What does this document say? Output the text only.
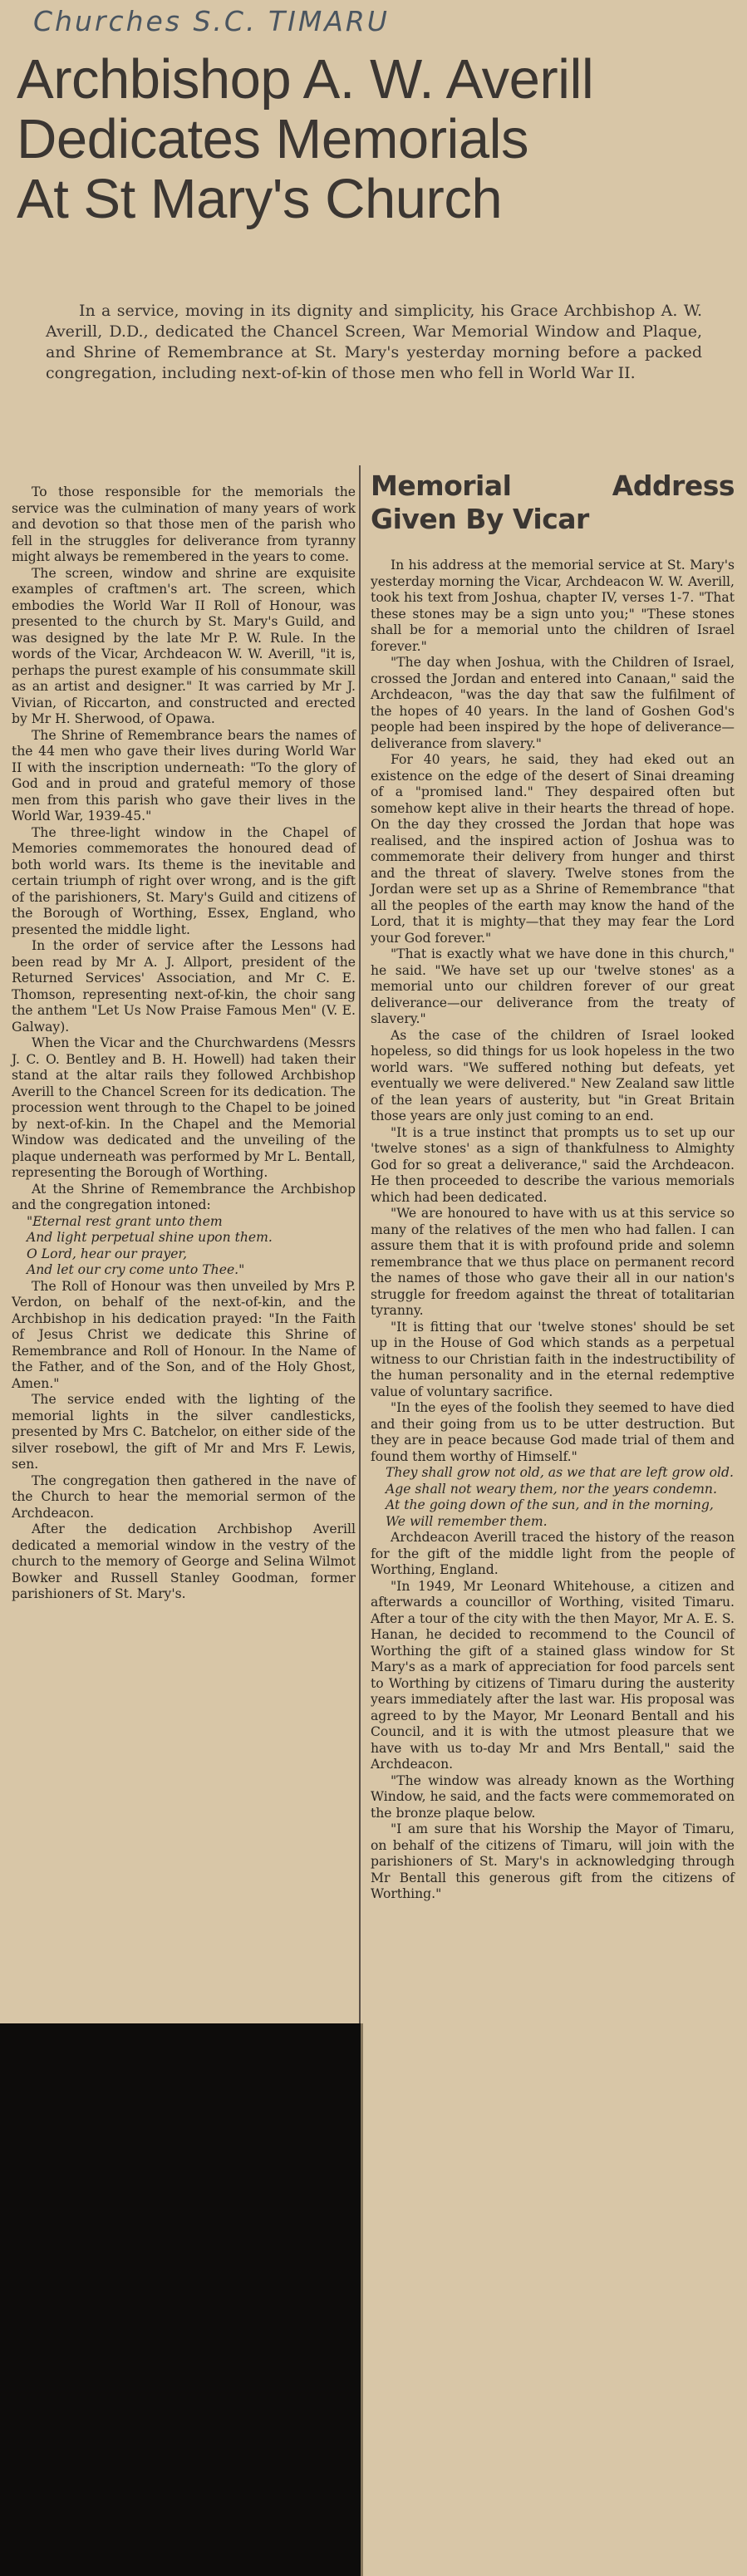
Churches S.C. TIMARU
Archbishop A. W. Averill
Dedicates Memorials
At St Mary's Church
In a service, moving in its dignity and simplicity, his Grace Archbishop A. W. Averill, D.D., dedicated the Chancel Screen, War Memorial Window and Plaque, and Shrine of Remembrance at St. Mary's yesterday morning before a packed congregation, including next-of-kin of those men who fell in World War II.

To those responsible for the memorials the service was the culmination of many years of work and devotion so that those men of the parish who fell in the struggles for deliverance from tyranny might always be remembered in the years to come.

The screen, window and shrine are exquisite examples of craftmen's art. The screen, which embodies the World War II Roll of Honour, was presented to the church by St. Mary's Guild, and was designed by the late Mr P. W. Rule. In the words of the Vicar, Archdeacon W. W. Averill, "it is, perhaps the purest example of his consummate skill as an artist and designer." It was carried by Mr J. Vivian, of Riccarton, and constructed and erected by Mr H. Sherwood, of Opawa.

The Shrine of Remembrance bears the names of the 44 men who gave their lives during World War II with the inscription underneath: "To the glory of God and in proud and grateful memory of those men from this parish who gave their lives in the World War, 1939-45."

The three-light window in the Chapel of Memories commemorates the honoured dead of both world wars. Its theme is the inevitable and certain triumph of right over wrong, and is the gift of the parishioners, St. Mary's Guild and citizens of the Borough of Worthing, Essex, England, who presented the middle light.

In the order of service after the Lessons had been read by Mr A. J. Allport, president of the Returned Services' Association, and Mr C. E. Thomson, representing next-of-kin, the choir sang the anthem "Let Us Now Praise Famous Men" (V. E. Galway).

When the Vicar and the Churchwardens (Messrs J. C. O. Bentley and B. H. Howell) had taken their stand at the altar rails they followed Archbishop Averill to the Chancel Screen for its dedication. The procession went through to the Chapel to be joined by next-of-kin. In the Chapel and the Memorial Window was dedicated and the unveiling of the plaque underneath was performed by Mr L. Bentall, representing the Borough of Worthing.

At the Shrine of Remembrance the Archbishop and the congregation intoned:

"Eternal rest grant unto them

And light perpetual shine upon them.

O Lord, hear our prayer,

And let our cry come unto Thee."

The Roll of Honour was then unveiled by Mrs P. Verdon, on behalf of the next-of-kin, and the Archbishop in his dedication prayed: "In the Faith of Jesus Christ we dedicate this Shrine of Remembrance and Roll of Honour. In the Name of the Father, and of the Son, and of the Holy Ghost, Amen."

The service ended with the lighting of the memorial lights in the silver candlesticks, presented by Mrs C. Batchelor, on either side of the silver rosebowl, the gift of Mr and Mrs F. Lewis, sen.

The congregation then gathered in the nave of the Church to hear the memorial sermon of the Archdeacon.

After the dedication Archbishop Averill dedicated a memorial window in the vestry of the church to the memory of George and Selina Wilmot Bowker and Russell Stanley Goodman, former parishioners of St. Mary's.

Memorial Address Given By Vicar

In his address at the memorial service at St. Mary's yesterday morning the Vicar, Archdeacon W. W. Averill, took his text from Joshua, chapter IV, verses 1-7. "That these stones may be a sign unto you;" "These stones shall be for a memorial unto the children of Israel forever."

"The day when Joshua, with the Children of Israel, crossed the Jordan and entered into Canaan," said the Archdeacon, "was the day that saw the fulfilment of the hopes of 40 years. In the land of Goshen God's people had been inspired by the hope of deliverance—deliverance from slavery."

For 40 years, he said, they had eked out an existence on the edge of the desert of Sinai dreaming of a "promised land." They despaired often but somehow kept alive in their hearts the thread of hope. On the day they crossed the Jordan that hope was realised, and the inspired action of Joshua was to commemorate their delivery from hunger and thirst and the threat of slavery. Twelve stones from the Jordan were set up as a Shrine of Remembrance "that all the peoples of the earth may know the hand of the Lord, that it is mighty—that they may fear the Lord your God forever."

"That is exactly what we have done in this church," he said. "We have set up our 'twelve stones' as a memorial unto our children forever of our great deliverance—our deliverance from the treaty of slavery."

As the case of the children of Israel looked hopeless, so did things for us look hopeless in the two world wars. "We suffered nothing but defeats, yet eventually we were delivered." New Zealand saw little of the lean years of austerity, but "in Great Britain those years are only just coming to an end.

"It is a true instinct that prompts us to set up our 'twelve stones' as a sign of thankfulness to Almighty God for so great a deliverance," said the Archdeacon. He then proceeded to describe the various memorials which had been dedicated.

"We are honoured to have with us at this service so many of the relatives of the men who had fallen. I can assure them that it is with profound pride and solemn remembrance that we thus place on permanent record the names of those who gave their all in our nation's struggle for freedom against the threat of totalitarian tyranny.

"It is fitting that our 'twelve stones' should be set up in the House of God which stands as a perpetual witness to our Christian faith in the indestructibility of the human personality and in the eternal redemptive value of voluntary sacrifice.

"In the eyes of the foolish they seemed to have died and their going from us to be utter destruction. But they are in peace because God made trial of them and found them worthy of Himself."

They shall grow not old, as we that are left grow old.

Age shall not weary them, nor the years condemn.

At the going down of the sun, and in the morning,

We will remember them.

Archdeacon Averill traced the history of the reason for the gift of the middle light from the people of Worthing, England.

"In 1949, Mr Leonard Whitehouse, a citizen and afterwards a councillor of Worthing, visited Timaru. After a tour of the city with the then Mayor, Mr A. E. S. Hanan, he decided to recommend to the Council of Worthing the gift of a stained glass window for St Mary's as a mark of appreciation for food parcels sent to Worthing by citizens of Timaru during the austerity years immediately after the last war. His proposal was agreed to by the Mayor, Mr Leonard Bentall and his Council, and it is with the utmost pleasure that we have with us to-day Mr and Mrs Bentall," said the Archdeacon.

"The window was already known as the Worthing Window, he said, and the facts were commemorated on the bronze plaque below.

"I am sure that his Worship the Mayor of Timaru, on behalf of the citizens of Timaru, will join with the parishioners of St. Mary's in acknowledging through Mr Bentall this generous gift from the citizens of Worthing."
